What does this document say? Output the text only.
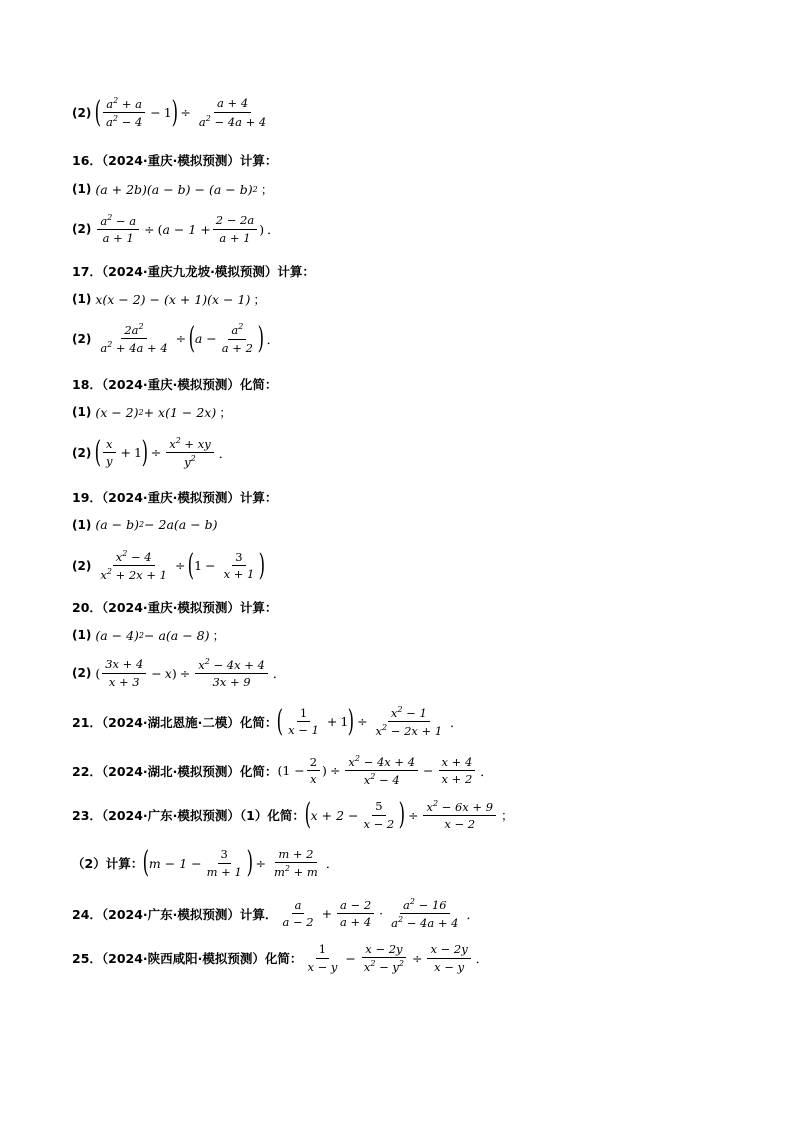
(2) ( $\frac{a^2 + a}{a^2 - 4} - 1$ ) ÷ $\frac{a + 4}{a^2 - 4a + 4}$
16．（2024·重庆·模拟预测）计算：
(1) (a + 2b)(a − b) − (a − b) 2 ；
$(2) \frac{a^2 - a}{a + 1}$ ÷ ( $a - 1 + \frac{2 - 2a}{a + 1}$ ) ．
17．（2024·重庆九龙坡·模拟预测）计算：
(1) x(x − 2) − (x + 1)(x − 1) ；
$(2) \frac{2a^2}{a^2 + 4a + 4}$ ÷ ( $a - \frac{a^2}{a + 2}$ ) ．
18．（2024·重庆·模拟预测）化简：
(1) (x − 2) 2 + x(1 − 2x) ；
(2) ( $\frac{x}{y} + 1$ ) ÷ $\frac{x^2 + xy}{y^2}$ ．
19．（2024·重庆·模拟预测）计算：
(1) (a − b) 2 − 2a(a − b)
$(2) \frac{x^2 - 4}{x^2 + 2x + 1}$ ÷ ( $1 - \frac{3}{x + 1}$ )
20．（2024·重庆·模拟预测）计算：
(1) (a − 4) 2 − a(a − 8) ；
(2) ( $\frac{3x + 4}{x + 3} - x$ ) ÷ $\frac{x^2 - 4x + 4}{3x + 9}$ ．
21．（2024·湖北恩施·二模）化简： ( $\frac{1}{x - 1} + 1$ ) ÷ $\frac{x^2 - 1}{x^2 - 2x + 1}$ ．
22．（2024·湖北·模拟预测）化简： ($1 - \frac{2}{x}$ ) ÷ $\frac{x^2 - 4x + 4}{x^2 - 4} - \frac{x + 4}{x + 2}$ ．
23．（2024·广东·模拟预测）（1）化简： ( $x + 2 - \frac{5}{x - 2}$ ) ÷ $\frac{x^2 - 6x + 9}{x - 2}$ ；
（2）计算： ( $m - 1 - \frac{3}{m + 1}$ ) ÷ $\frac{m + 2}{m^2 + m}$ ．
24．（2024·广东·模拟预测）计算． $\frac{a}{a - 2} + \frac{a - 2}{a + 4} \cdot \frac{a^2 - 16}{a^2 - 4a + 4}$ ．
25．（2024·陕西咸阳·模拟预测）化简： $\frac{1}{x - y} - \frac{x - 2y}{x^2 - y^2} \div \frac{x - 2y}{x - y}$ ．
